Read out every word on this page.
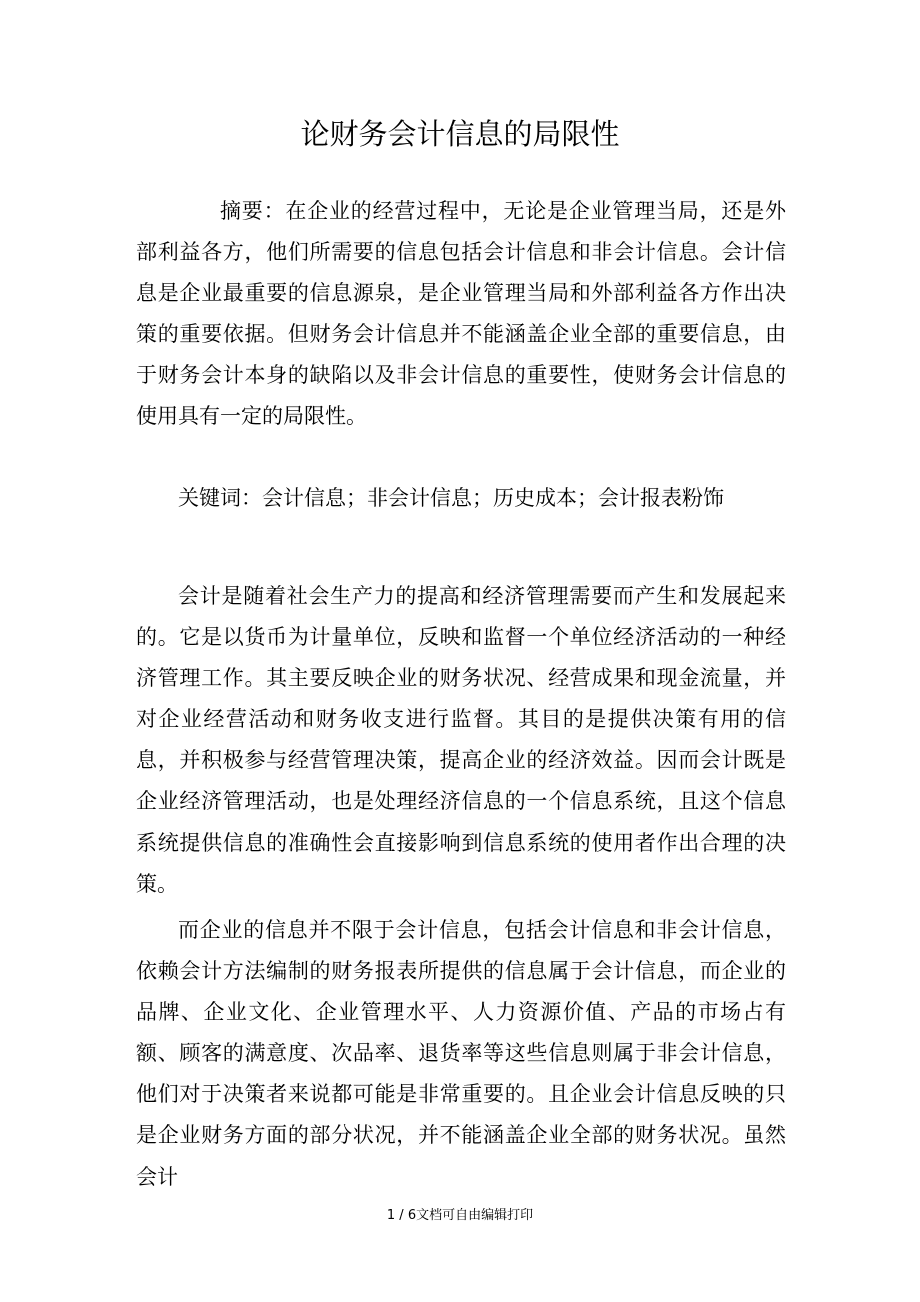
论财务会计信息的局限性

摘要：在企业的经营过程中，无论是企业管理当局，还是外部利益各方，他们所需要的信息包括会计信息和非会计信息。会计信息是企业最重要的信息源泉，是企业管理当局和外部利益各方作出决策的重要依据。但财务会计信息并不能涵盖企业全部的重要信息，由于财务会计本身的缺陷以及非会计信息的重要性，使财务会计信息的使用具有一定的局限性。

关键词：会计信息；非会计信息；历史成本；会计报表粉饰

会计是随着社会生产力的提高和经济管理需要而产生和发展起来的。它是以货币为计量单位，反映和监督一个单位经济活动的一种经济管理工作。其主要反映企业的财务状况、经营成果和现金流量，并对企业经营活动和财务收支进行监督。其目的是提供决策有用的信息，并积极参与经营管理决策，提高企业的经济效益。因而会计既是企业经济管理活动，也是处理经济信息的一个信息系统，且这个信息系统提供信息的准确性会直接影响到信息系统的使用者作出合理的决策。

而企业的信息并不限于会计信息，包括会计信息和非会计信息，依赖会计方法编制的财务报表所提供的信息属于会计信息，而企业的品牌、企业文化、企业管理水平、人力资源价值、产品的市场占有额、顾客的满意度、次品率、退货率等这些信息则属于非会计信息，他们对于决策者来说都可能是非常重要的。且企业会计信息反映的只是企业财务方面的部分状况，并不能涵盖企业全部的财务状况。虽然会计

1 / 6文档可自由编辑打印
